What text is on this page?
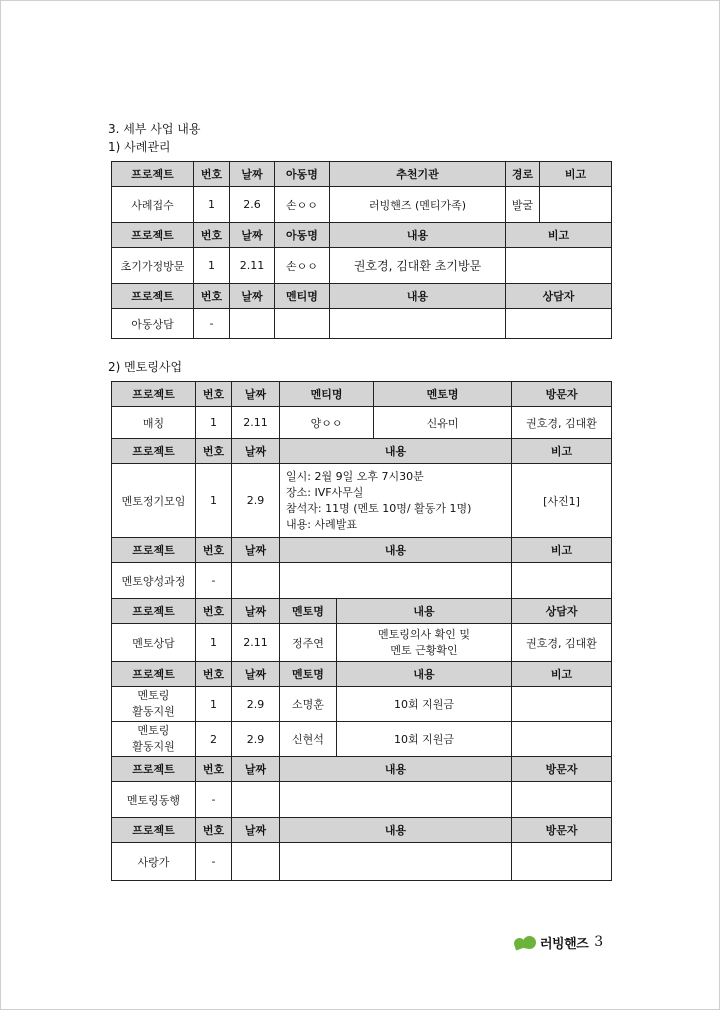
3. 세부 사업 내용
1) 사례관리
프로젝트	번호	날짜	아동명	추천기관	경로	비고
사례접수	1	2.6	손ㅇㅇ	러빙핸즈 (멘티가족)	발굴	
프로젝트	번호	날짜	아동명	내용	비고	
초기가정방문	1	2.11	손ㅇㅇ	권호경, 김대환 초기방문		
프로젝트	번호	날짜	멘티명	내용	상담자	
아동상담	-					
2) 멘토링사업
프로젝트	번호	날짜	멘티명		멘토명	방문자
매칭	1	2.11	양ㅇㅇ		신유미	권호경, 김대환
프로젝트	번호	날짜	내용			비고
멘토정기모임	1	2.9	일시: 2월 9일 오후 7시30분
장소: IVF사무실
참석자: 11명 (멘토 10명/ 활동가 1명)
내용: 사례발표			[사진1]
프로젝트	번호	날짜	내용			비고
멘토양성과정	-					
프로젝트	번호	날짜	멘토명	내용		상담자
멘토상담	1	2.11	정주연	멘토링의사 확인 및
멘토 근황확인		권호경, 김대환
프로젝트	번호	날짜	멘토명	내용		비고
멘토링
활동지원	1	2.9	소명훈	10회 지원금		
멘토링
활동지원	2	2.9	신현석	10회 지원금		
프로젝트	번호	날짜	내용			방문자
멘토링동행	-					
프로젝트	번호	날짜	내용			방문자
사랑가	-					
러빙핸즈 3
